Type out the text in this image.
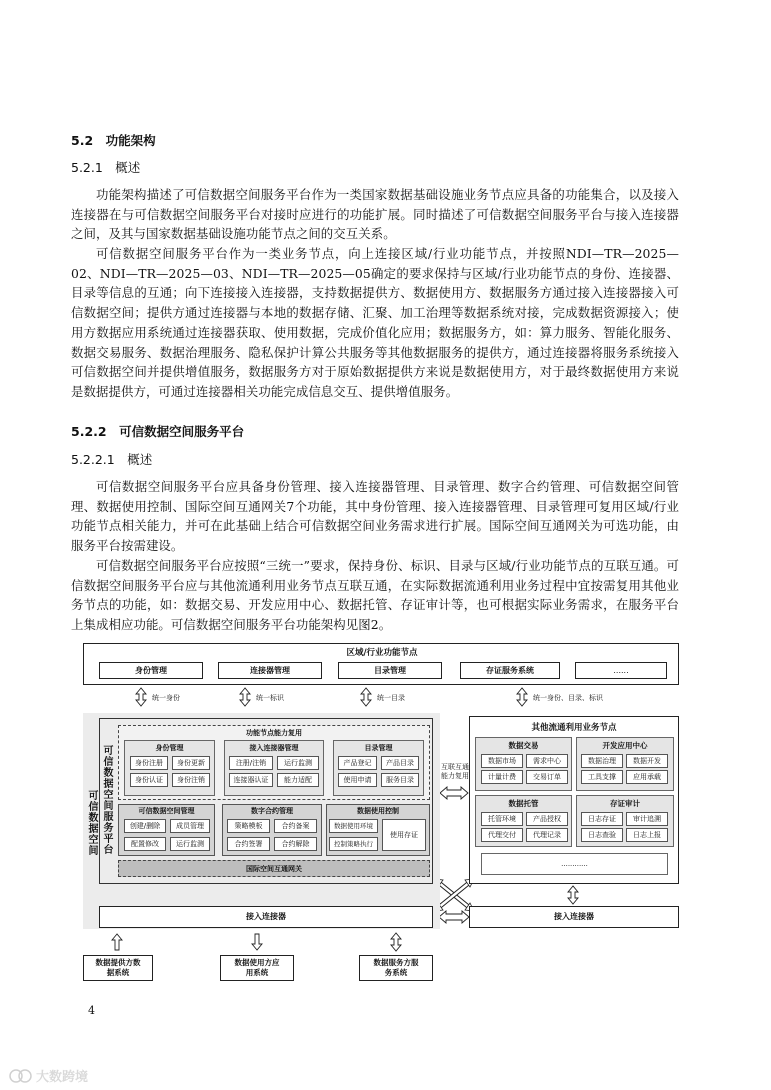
5.2　功能架构
5.2.1　概述
功能架构描述了可信数据空间服务平台作为一类国家数据基础设施业务节点应具备的功能集合，以及接入连接器在与可信数据空间服务平台对接时应进行的功能扩展。同时描述了可信数据空间服务平台与接入连接器之间，及其与国家数据基础设施功能节点之间的交互关系。
可信数据空间服务平台作为一类业务节点，向上连接区域/行业功能节点，并按照NDI—TR—2025—02、NDI—TR—2025—03、NDI—TR—2025—05确定的要求保持与区域/行业功能节点的身份、连接器、目录等信息的互通；向下连接接入连接器，支持数据提供方、数据使用方、数据服务方通过接入连接器接入可信数据空间；提供方通过连接器与本地的数据存储、汇聚、加工治理等数据系统对接，完成数据资源接入；使用方数据应用系统通过连接器获取、使用数据，完成价值化应用；数据服务方，如：算力服务、智能化服务、数据交易服务、数据治理服务、隐私保护计算公共服务等其他数据服务的提供方，通过连接器将服务系统接入可信数据空间并提供增值服务，数据服务方对于原始数据提供方来说是数据使用方，对于最终数据使用方来说是数据提供方，可通过连接器相关功能完成信息交互、提供增值服务。
5.2.2　可信数据空间服务平台
5.2.2.1　概述
可信数据空间服务平台应具备身份管理、接入连接器管理、目录管理、数字合约管理、可信数据空间管理、数据使用控制、国际空间互通网关7个功能，其中身份管理、接入连接器管理、目录管理可复用区域/行业功能节点相关能力，并可在此基础上结合可信数据空间业务需求进行扩展。国际空间互通网关为可选功能，由服务平台按需建设。
可信数据空间服务平台应按照“三统一”要求，保持身份、标识、目录与区域/行业功能节点的互联互通。可信数据空间服务平台应与其他流通利用业务节点互联互通，在实际数据流通利用业务过程中宜按需复用其他业务节点的功能，如：数据交易、开发应用中心、数据托管、存证审计等，也可根据实际业务需求，在服务平台上集成相应功能。可信数据空间服务平台功能架构见图2。
区域/行业功能节点
身份管理	连接器管理	目录管理	存证服务系统	......
统一身份	统一标识	统一目录	统一身份、目录、标识
可信数据空间 可信数据空间服务平台
功能节点能力复用
身份管理
身份注册	身份更新
身份认证	身份注销
接入连接器管理
注册/注销	运行监测
连接器认证	能力适配
目录管理
产品登记	产品目录
使用申请	服务目录
可信数据空间管理
创建/删除	成员管理
配置修改	运行监测
数字合约管理
策略模板	合约备案
合约签署	合约解除
数据使用控制
数据使用环境
控制策略执行
使用存证
国际空间互通网关
互联互通能力复用
其他流通利用业务节点
数据交易
数据市场	需求中心
计量计费	交易订单
开发应用中心
数据治理	数据开发
工具支撑	应用承载
数据托管
托管环境	产品授权
代理交付	代理记录
存证审计
日志存证	审计追溯
日志查验	日志上报
............
接入连接器	接入连接器
数据提供方数据系统
数据使用方应用系统
数据服务方服务系统
4
大数跨境
